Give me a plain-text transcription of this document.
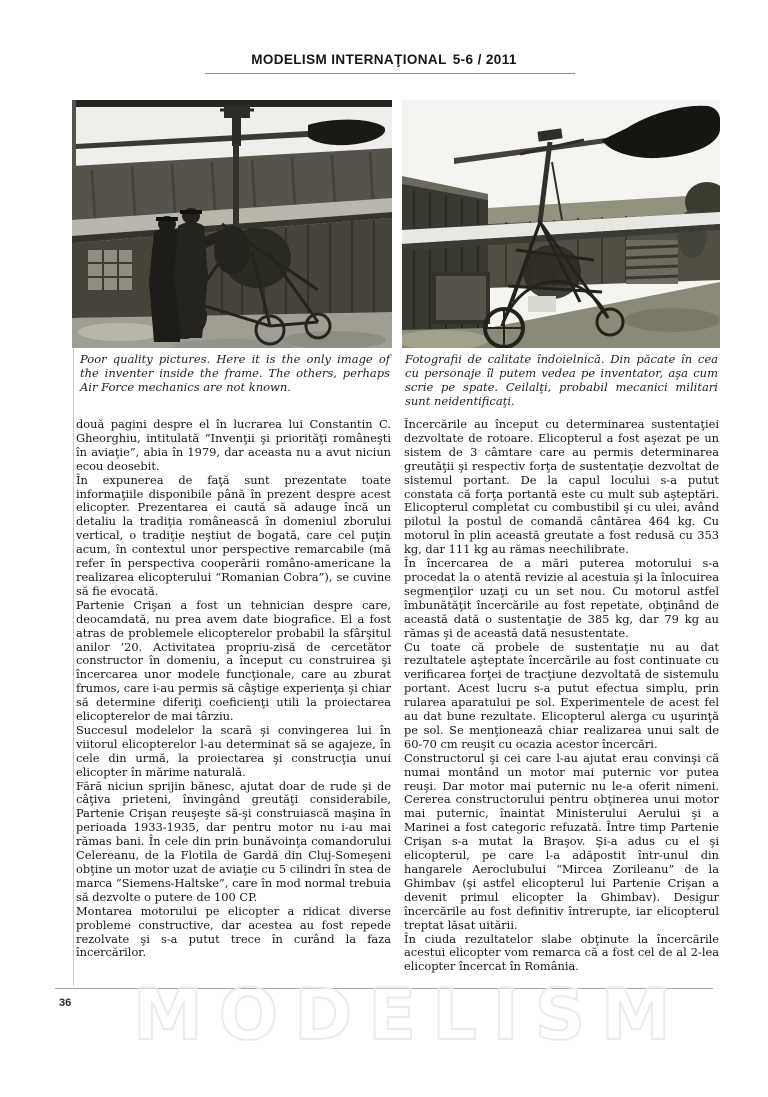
MODELISM INTERNAŢIONAL 5-6 / 2011
Poor quality pictures. Here it is the only image of the inventer inside the frame. The others, perhaps Air Force mechanics are not known.
Fotografii de calitate îndoielnică. Din păcate în cea cu personaje îl putem vedea pe inventator, aşa cum scrie pe spate. Ceilalţi, probabil mecanici militari sunt neidentificaţi.

două pagini despre el în lucrarea lui Constantin C. Gheorghiu, intitulată “Invenţii şi priorităţi româneşti în aviaţie”, abia în 1979, dar aceasta nu a avut niciun ecou deosebit.

În expunerea de faţă sunt prezentate toate informaţiile disponibile până în prezent despre acest elicopter. Prezentarea ei caută să adauge încă un detaliu la tradiţia românească în domeniul zborului vertical, o tradiţie neştiut de bogată, care cel puţin acum, în contextul unor perspective remarcabile (mă refer în perspectiva cooperării româno-americane la realizarea elicopterului “Romanian Cobra”), se cuvine să fie evocată.

Partenie Crişan a fost un tehnician despre care, deocamdată, nu prea avem date biografice. El a fost atras de problemele elicopterelor probabil la sfârşitul anilor ’20. Activitatea propriu-zisă de cercetător constructor în domeniu, a început cu construirea şi încercarea unor modele funcţionale, care au zburat frumos, care i-au permis să câştige experienţa şi chiar să determine diferiţi coeficienţi utili la proiectarea elicopterelor de mai târziu.

Succesul modelelor la scară şi convingerea lui în viitorul elicopterelor l-au determinat să se agajeze, în cele din urmă, la proiectarea şi construcţia unui elicopter în mărime naturală.

Fără niciun sprijin bănesc, ajutat doar de rude şi de câţiva prieteni, învingând greutăţi considerabile, Partenie Crişan reuşeşte să-şi construiască maşina în perioada 1933-1935, dar pentru motor nu i-au mai rămas bani. În cele din prin bunăvoinţa comandorului Celereanu, de la Flotila de Gardă din Cluj-Someşeni obţine un motor uzat de aviaţie cu 5 cilindri în stea de marca “Siemens-Haltske”, care în mod normal trebuia să dezvolte o putere de 100 CP.

Montarea motorului pe elicopter a ridicat diverse probleme constructive, dar acestea au fost repede rezolvate şi s-a putut trece în curând la faza încercărilor.

Încercările au început cu determinarea sustentaţiei dezvoltate de rotoare. Elicopterul a fost aşezat pe un sistem de 3 câmtare care au permis determinarea greutăţii şi respectiv forţa de sustentaţie dezvoltat de sistemul portant. De la capul locului s-a putut constata că forţa portantă este cu mult sub aşteptări. Elicopterul completat cu combustibil şi cu ulei, având pilotul la postul de comandă cântărea 464 kg. Cu motorul în plin această greutate a fost redusă cu 353 kg, dar 111 kg au rămas neechilibrate.

În încercarea de a mări puterea motorului s-a procedat la o atentă revizie al acestuia şi la înlocuirea segmenţilor uzaţi cu un set nou. Cu motorul astfel îmbunătăţit încercările au fost repetate, obţinând de această dată o sustentaţie de 385 kg, dar 79 kg au rămas şi de această dată nesustentate.

Cu toate că probele de sustentaţie nu au dat rezultatele aşteptate încercările au fost continuate cu verificarea forţei de tracţiune dezvoltată de sistemulu portant. Acest lucru s-a putut efectua simplu, prin rularea aparatului pe sol. Experimentele de acest fel au dat bune rezultate. Elicopterul alerga cu uşurinţă pe sol. Se menţionează chiar realizarea unui salt de 60-70 cm reuşit cu ocazia acestor încercări.

Constructorul şi cei care l-au ajutat erau convinşi că numai montând un motor mai puternic vor putea reuşi. Dar motor mai puternic nu le-a oferit nimeni. Cererea constructorului pentru obţinerea unui motor mai puternic, înaintat Ministerului Aerului şi a Marinei a fost categoric refuzată. Între timp Partenie Crişan s-a mutat la Braşov. Şi-a adus cu el şi elicopterul, pe care l-a adăpostit într-unul din hangarele Aeroclubului “Mircea Zorileanu” de la Ghimbav (şi astfel elicopterul lui Partenie Crişan a devenit primul elicopter la Ghimbav). Desigur încercările au fost definitiv întrerupte, iar elicopterul treptat lăsat uitării.

În ciuda rezultatelor slabe obţinute la încercările acestui elicopter vom remarca că a fost cel de al 2-lea elicopter încercat în România.

36 MODELISM
